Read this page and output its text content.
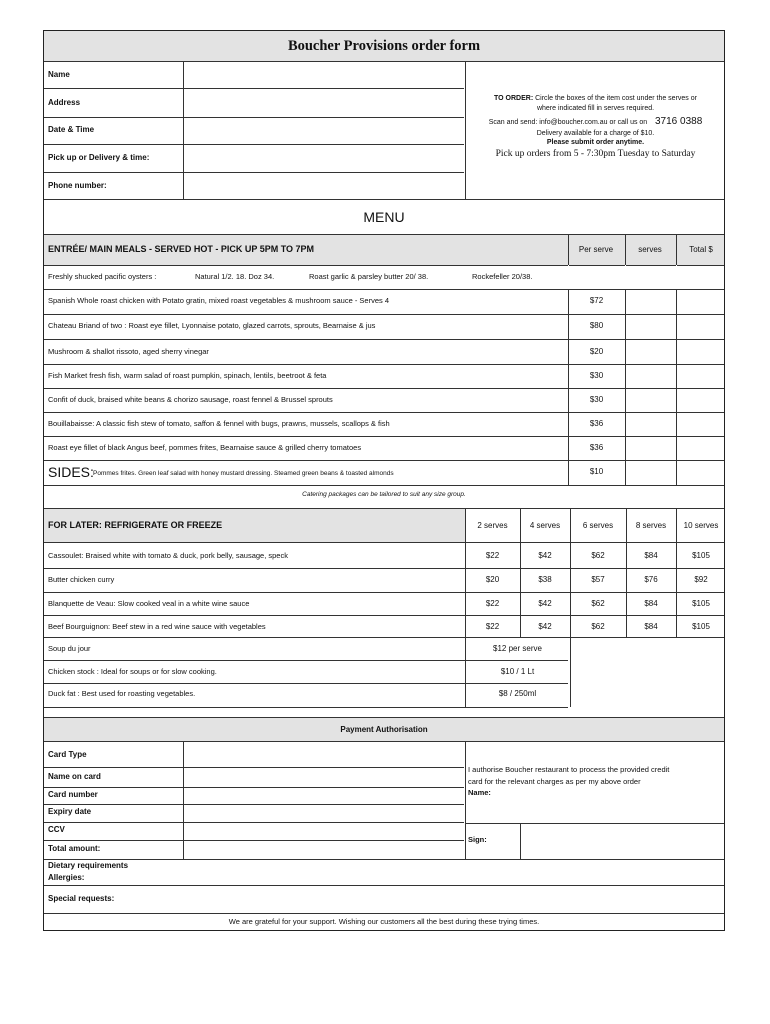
Boucher Provisions order form
Name
Address
Date & Time
Pick up or Delivery & time:
Phone number:
TO ORDER: Circle the boxes of the item cost under the serves or
where indicated fill in serves required.
Scan and send: info@boucher.com.au or call us on 3716 0388
Delivery available for a charge of $10.
Please submit order anytime.
Pick up orders from 5 - 7:30pm Tuesday to Saturday
MENU
ENTRÉE/ MAIN MEALS - SERVED HOT - PICK UP 5PM TO 7PM	Per serve	serves	Total $
Freshly shucked pacific oysters :	Natural 1/2. 18. Doz 34.	Roast garlic & parsley butter 20/ 38.	Rockefeller 20/38.
Spanish Whole roast chicken with Potato gratin, mixed roast vegetables & mushroom sauce - Serves 4	$72
Chateau Briand of two : Roast eye fillet, Lyonnaise potato, glazed carrots, sprouts, Bearnaise & jus	$80
Mushroom & shallot rissoto, aged sherry vinegar	$20
Fish Market fresh fish, warm salad of roast pumpkin, spinach, lentils, beetroot & feta	$30
Confit of duck, braised white beans & chorizo sausage, roast fennel & Brussel sprouts	$30
Bouillabaisse: A classic fish stew of tomato, saffon & fennel with bugs, prawns, mussels, scallops & fish	$36
Roast eye fillet of black Angus beef, pommes frites, Bearnaise sauce & grilled cherry tomatoes	$36
SIDES: Pommes frites. Green leaf salad with honey mustard dressing. Steamed green beans & toasted almonds	$10
Catering packages can be tailored to suit any size group.
FOR LATER: REFRIGERATE OR FREEZE	2 serves	4 serves	6 serves	8 serves	10 serves
Cassoulet: Braised white with tomato & duck, pork belly, sausage, speck	$22	$42	$62	$84	$105
Butter chicken curry	$20	$38	$57	$76	$92
Blanquette de Veau: Slow cooked veal in a white wine sauce	$22	$42	$62	$84	$105
Beef Bourguignon: Beef stew in a red wine sauce with vegetables	$22	$42	$62	$84	$105
Soup du jour	$12 per serve
Chicken stock : Ideal for soups or for slow cooking.	$10 / 1 Lt
Duck fat : Best used for roasting vegetables.	$8 / 250ml
Payment Authorisation
Card Type
Name on card
Card number
Expiry date
CCV
Total amount:
I authorise Boucher restaurant to process the provided credit
card for the relevant charges as per my above order
Name:
Sign:
Dietary requirements
Allergies:
Special requests:
We are grateful for your support. Wishing our customers all the best during these trying times.
